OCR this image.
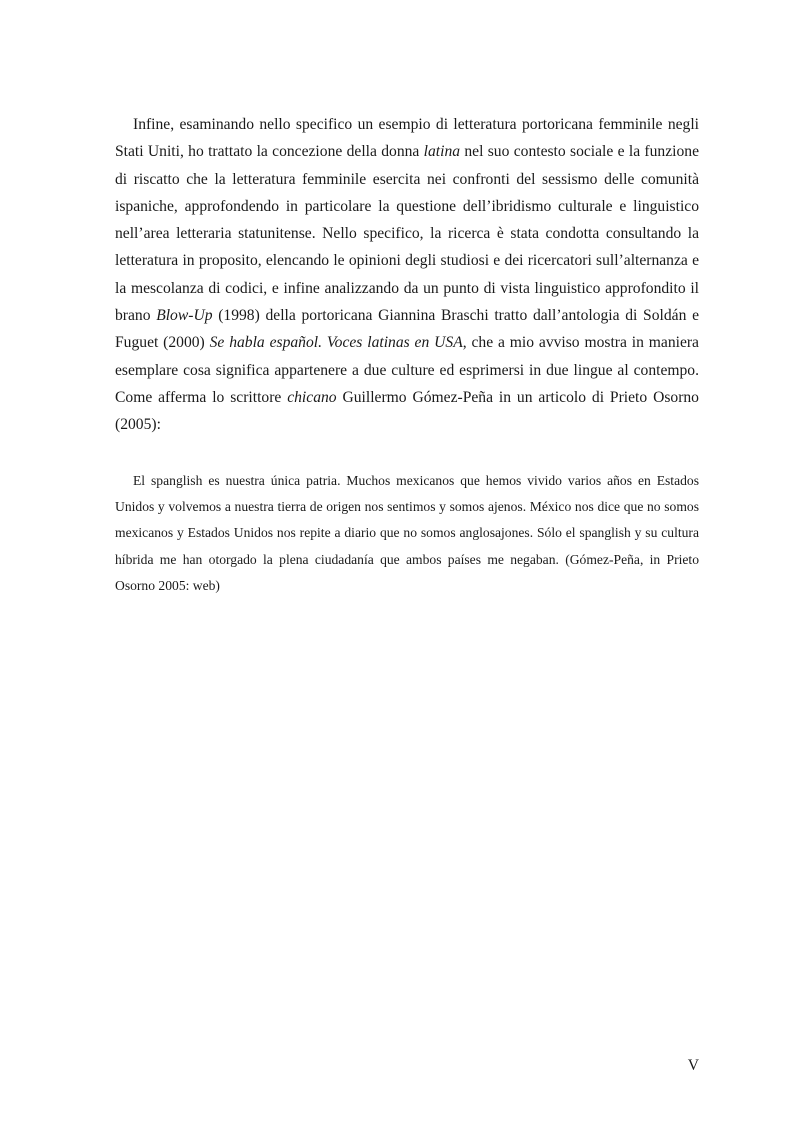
Infine, esaminando nello specifico un esempio di letteratura portoricana femminile negli Stati Uniti, ho trattato la concezione della donna latina nel suo contesto sociale e la funzione di riscatto che la letteratura femminile esercita nei confronti del sessismo delle comunità ispaniche, approfondendo in particolare la questione dell’ibridismo culturale e linguistico nell’area letteraria statunitense. Nello specifico, la ricerca è stata condotta consultando la letteratura in proposito, elencando le opinioni degli studiosi e dei ricercatori sull’alternanza e la mescolanza di codici, e infine analizzando da un punto di vista linguistico approfondito il brano Blow-Up (1998) della portoricana Giannina Braschi tratto dall’antologia di Soldán e Fuguet (2000) Se habla español. Voces latinas en USA, che a mio avviso mostra in maniera esemplare cosa significa appartenere a due culture ed esprimersi in due lingue al contempo. Come afferma lo scrittore chicano Guillermo Gómez-Peña in un articolo di Prieto Osorno (2005):

El spanglish es nuestra única patria. Muchos mexicanos que hemos vivido varios años en Estados Unidos y volvemos a nuestra tierra de origen nos sentimos y somos ajenos. México nos dice que no somos mexicanos y Estados Unidos nos repite a diario que no somos anglosajones. Sólo el spanglish y su cultura híbrida me han otorgado la plena ciudadanía que ambos países me negaban. (Gómez-Peña, in Prieto Osorno 2005: web)

V
